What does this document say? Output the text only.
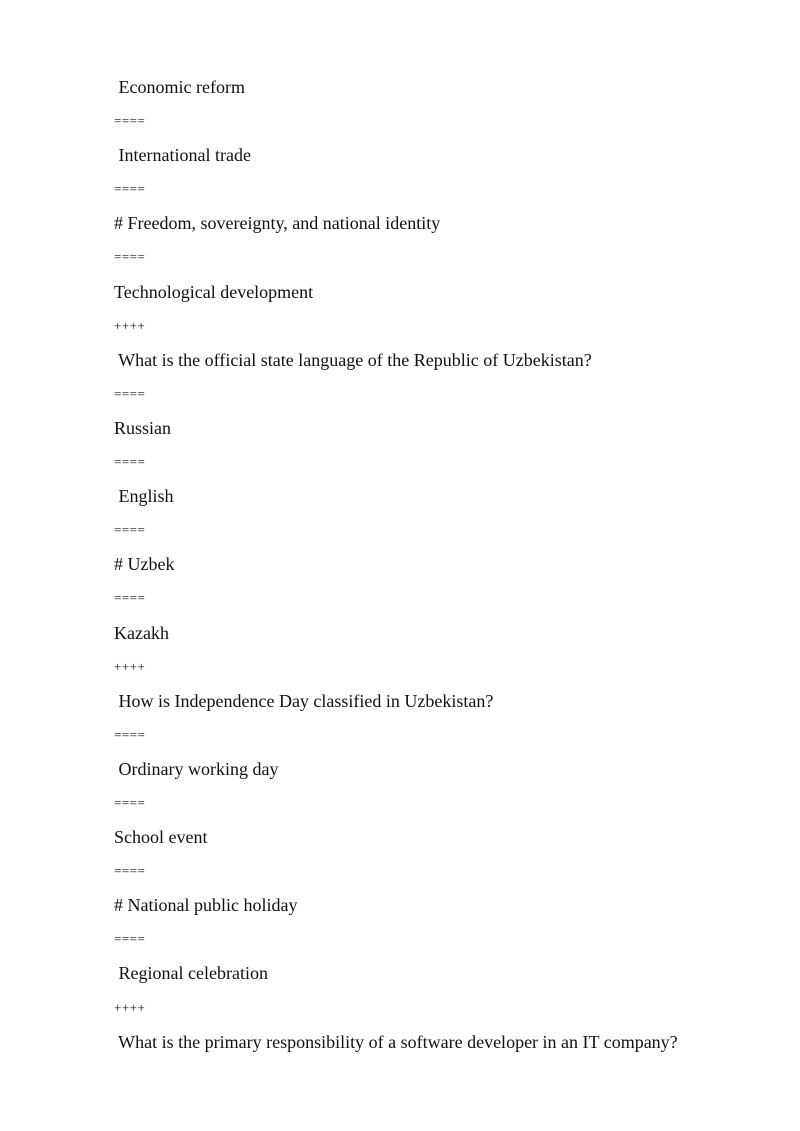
Economic reform
====
International trade
====
# Freedom, sovereignty, and national identity
====
Technological development
++++
What is the official state language of the Republic of Uzbekistan?
====
Russian
====
English
====
# Uzbek
====
Kazakh
++++
How is Independence Day classified in Uzbekistan?
====
Ordinary working day
====
School event
====
# National public holiday
====
Regional celebration
++++
What is the primary responsibility of a software developer in an IT company?
